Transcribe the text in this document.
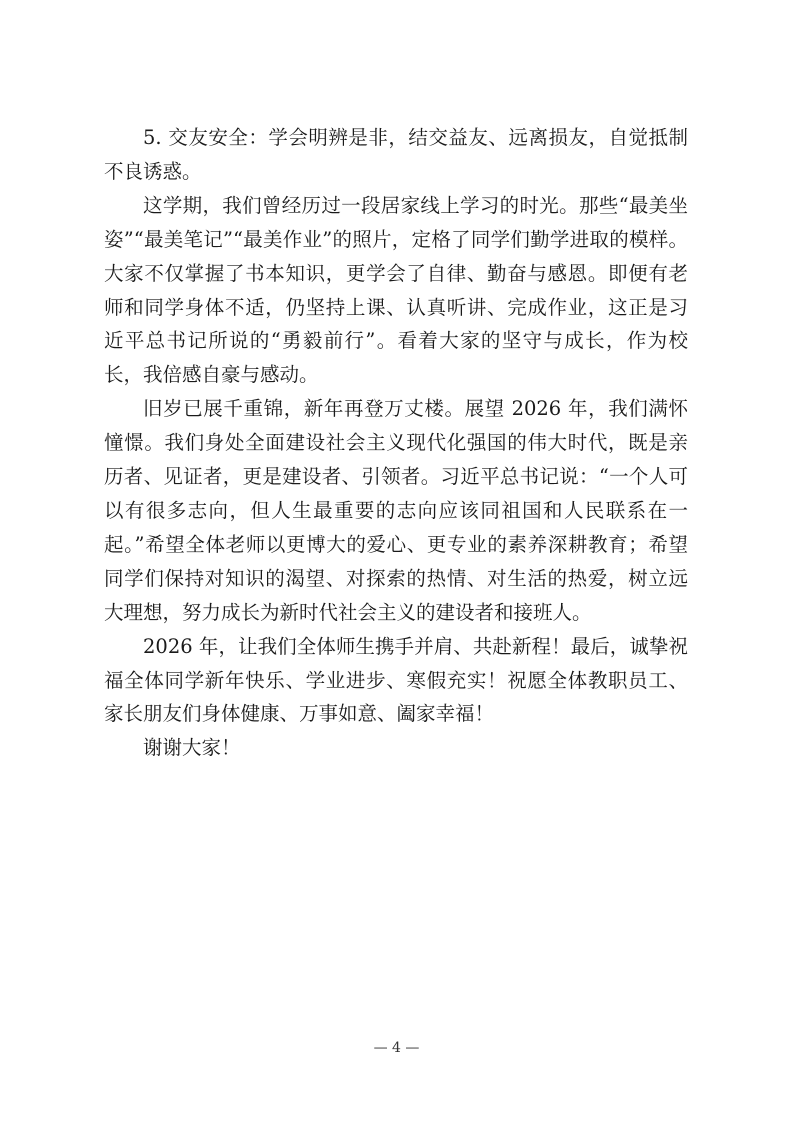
5. 交友安全：学会明辨是非，结交益友、远离损友，自觉抵制不良诱惑。

这学期，我们曾经历过一段居家线上学习的时光。那些“最美坐姿”“最美笔记”“最美作业”的照片，定格了同学们勤学进取的模样。大家不仅掌握了书本知识，更学会了自律、勤奋与感恩。即便有老师和同学身体不适，仍坚持上课、认真听讲、完成作业，这正是习近平总书记所说的“勇毅前行”。看着大家的坚守与成长，作为校长，我倍感自豪与感动。

旧岁已展千重锦，新年再登万丈楼。展望 2026 年，我们满怀憧憬。我们身处全面建设社会主义现代化强国的伟大时代，既是亲历者、见证者，更是建设者、引领者。习近平总书记说：“一个人可以有很多志向，但人生最重要的志向应该同祖国和人民联系在一起。”希望全体老师以更博大的爱心、更专业的素养深耕教育；希望同学们保持对知识的渴望、对探索的热情、对生活的热爱，树立远大理想，努力成长为新时代社会主义的建设者和接班人。

2026 年，让我们全体师生携手并肩、共赴新程！最后，诚挚祝福全体同学新年快乐、学业进步、寒假充实！祝愿全体教职员工、家长朋友们身体健康、万事如意、阖家幸福！

谢谢大家！

— 4 —
